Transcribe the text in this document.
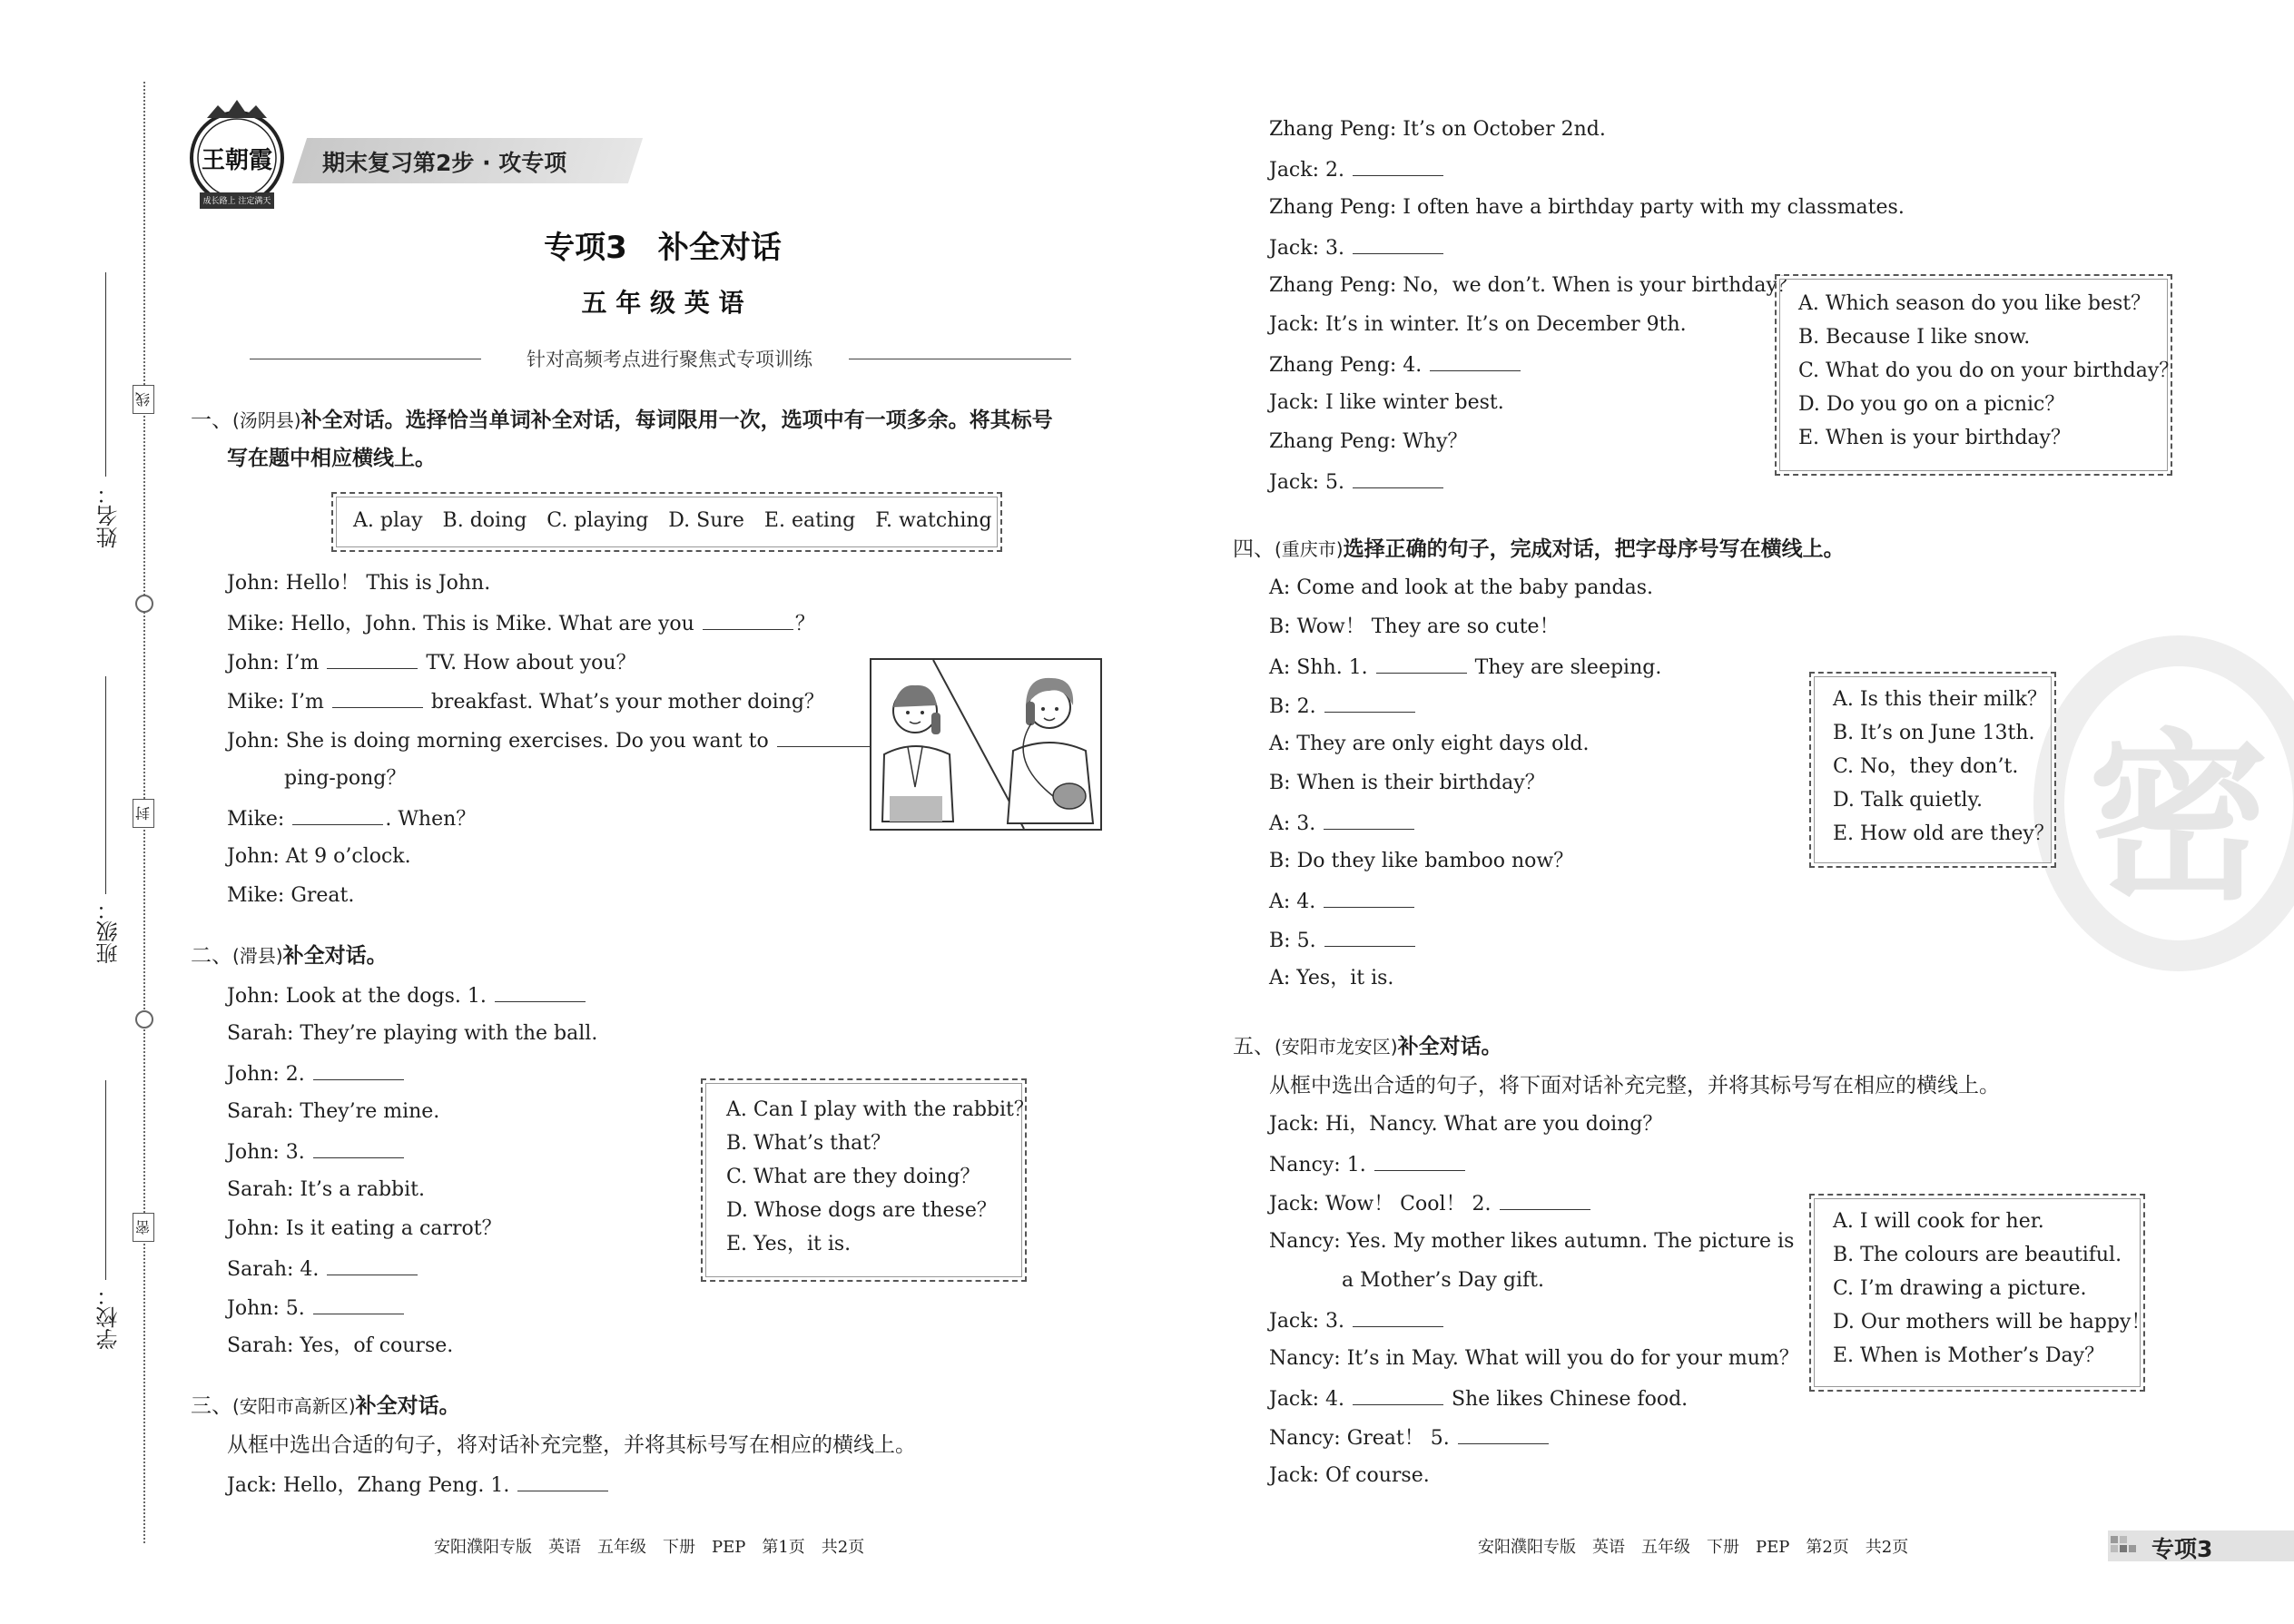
姓名：
班级：
学校：
线
封
密
王朝霞
成长路上 注定满天
期末复习第2步 · 攻专项
专项3　补全对话
五 年 级 英 语
针对高频考点进行聚焦式专项训练
一、(汤阴县)补全对话。选择恰当单词补全对话，每词限用一次，选项中有一项多余。将其标号
写在题中相应横线上。
A. play　B. doing　C. playing　D. Sure　E. eating　F. watching
John: Hello！ This is John.
Mike: Hello，John. This is Mike. What are you	？
John: I’m	TV. How about you？
Mike: I’m	breakfast. What’s your mother doing？
John: She is doing morning exercises. Do you want to
ping-pong？
Mike:	. When？
John: At 9 o’clock.
Mike: Great.
二、(滑县)补全对话。
John: Look at the dogs. 1.
Sarah: They’re playing with the ball.
John: 2.
Sarah: They’re mine.
John: 3.
Sarah: It’s a rabbit.
John: Is it eating a carrot？
Sarah: 4.
John: 5.
Sarah: Yes，of course.
A. Can I play with the rabbit？
B. What’s that？
C. What are they doing？
D. Whose dogs are these？
E. Yes，it is.
三、(安阳市高新区)补全对话。
从框中选出合适的句子，将对话补充完整，并将其标号写在相应的横线上。
Jack: Hello，Zhang Peng. 1.
安阳濮阳专版　英语　五年级　下册　PEP　第1页　共2页
Zhang Peng: It’s on October 2nd.
Jack: 2.
Zhang Peng: I often have a birthday party with my classmates.
Jack: 3.
Zhang Peng: No，we don’t. When is your birthday？
Jack: It’s in winter. It’s on December 9th.
Zhang Peng: 4.
Jack: I like winter best.
Zhang Peng: Why？
Jack: 5.
A. Which season do you like best？
B. Because I like snow.
C. What do you do on your birthday？
D. Do you go on a picnic？
E. When is your birthday？
密
四、(重庆市)选择正确的句子，完成对话，把字母序号写在横线上。
A: Come and look at the baby pandas.
B: Wow！ They are so cute！
A: Shh. 1.	They are sleeping.
B: 2.
A: They are only eight days old.
B: When is their birthday？
A: 3.
B: Do they like bamboo now？
A: 4.
B: 5.
A: Yes，it is.
A. Is this their milk？
B. It’s on June 13th.
C. No，they don’t.
D. Talk quietly.
E. How old are they？
五、(安阳市龙安区)补全对话。
从框中选出合适的句子，将下面对话补充完整，并将其标号写在相应的横线上。
Jack: Hi，Nancy. What are you doing？
Nancy: 1.
Jack: Wow！ Cool！ 2.
Nancy: Yes. My mother likes autumn. The picture is
a Mother’s Day gift.
Jack: 3.
Nancy: It’s in May. What will you do for your mum？
Jack: 4.	She likes Chinese food.
Nancy: Great！ 5.
Jack: Of course.
A. I will cook for her.
B. The colours are beautiful.
C. I’m drawing a picture.
D. Our mothers will be happy！
E. When is Mother’s Day？
安阳濮阳专版　英语　五年级　下册　PEP　第2页　共2页	专项3
